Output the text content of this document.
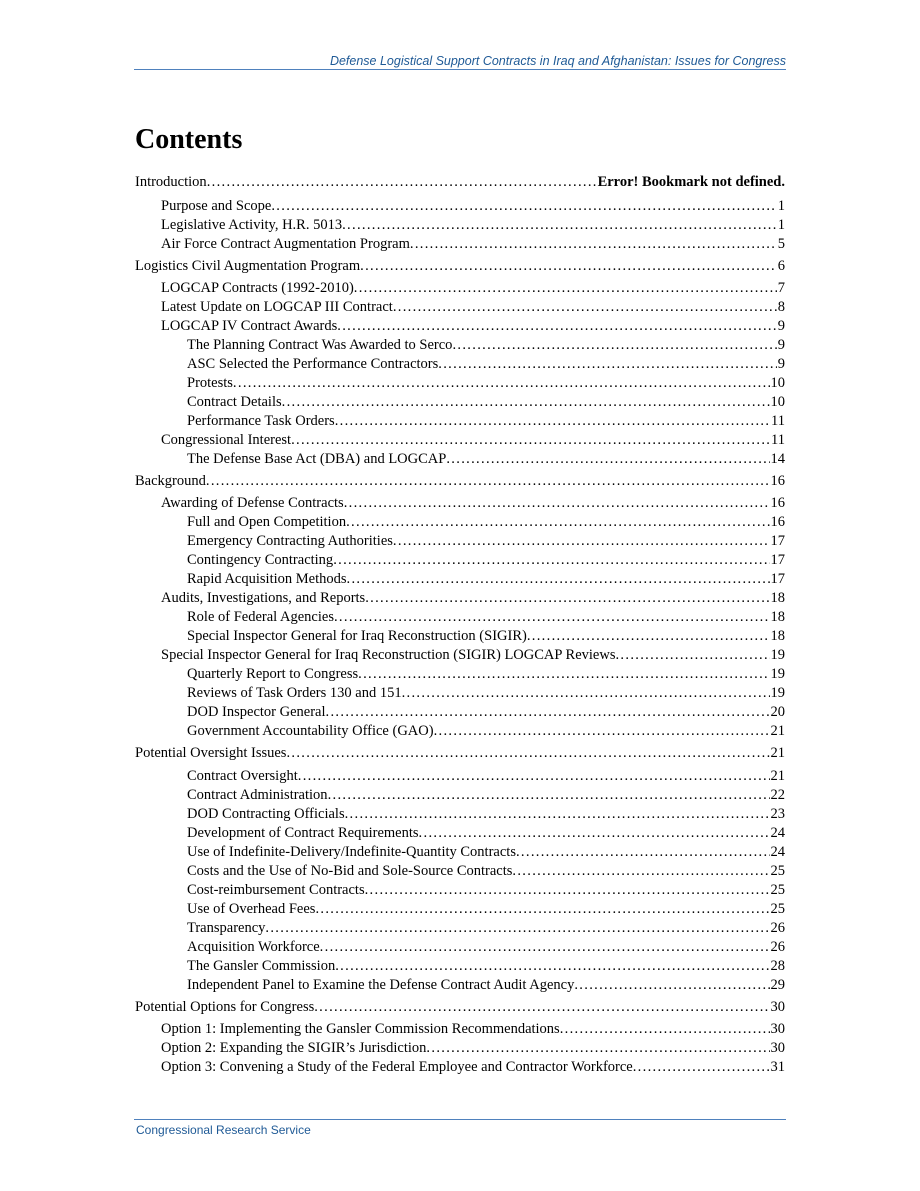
Defense Logistical Support Contracts in Iraq and Afghanistan: Issues for Congress
Contents
Introduction . . .	Error! Bookmark not defined.
Purpose and Scope . . .	1
Legislative Activity, H.R. 5013 . . .	1
Air Force Contract Augmentation Program . . .	5
Logistics Civil Augmentation Program . . .	6
LOGCAP Contracts (1992-2010) . . .	7
Latest Update on LOGCAP III Contract . . .	8
LOGCAP IV Contract Awards . . .	9
The Planning Contract Was Awarded to Serco . . .	9
ASC Selected the Performance Contractors . . .	9
Protests . . .	10
Contract Details . . .	10
Performance Task Orders . . .	11
Congressional Interest . . .	11
The Defense Base Act (DBA) and LOGCAP . . .	14
Background . . .	16
Awarding of Defense Contracts . . .	16
Full and Open Competition . . .	16
Emergency Contracting Authorities . . .	17
Contingency Contracting . . .	17
Rapid Acquisition Methods . . .	17
Audits, Investigations, and Reports . . .	18
Role of Federal Agencies . . .	18
Special Inspector General for Iraq Reconstruction (SIGIR) . . .	18
Special Inspector General for Iraq Reconstruction (SIGIR) LOGCAP Reviews . . .	19
Quarterly Report to Congress . . .	19
Reviews of Task Orders 130 and 151 . . .	19
DOD Inspector General . . .	20
Government Accountability Office (GAO) . . .	21
Potential Oversight Issues . . .	21
Contract Oversight . . .	21
Contract Administration . . .	22
DOD Contracting Officials . . .	23
Development of Contract Requirements . . .	24
Use of Indefinite-Delivery/Indefinite-Quantity Contracts . . .	24
Costs and the Use of No-Bid and Sole-Source Contracts . . .	25
Cost-reimbursement Contracts . . .	25
Use of Overhead Fees . . .	25
Transparency . . .	26
Acquisition Workforce . . .	26
The Gansler Commission . . .	28
Independent Panel to Examine the Defense Contract Audit Agency . . .	29
Potential Options for Congress . . .	30
Option 1: Implementing the Gansler Commission Recommendations . . .	30
Option 2: Expanding the SIGIR’s Jurisdiction . . .	30
Option 3: Convening a Study of the Federal Employee and Contractor Workforce . . .	31
Congressional Research Service
